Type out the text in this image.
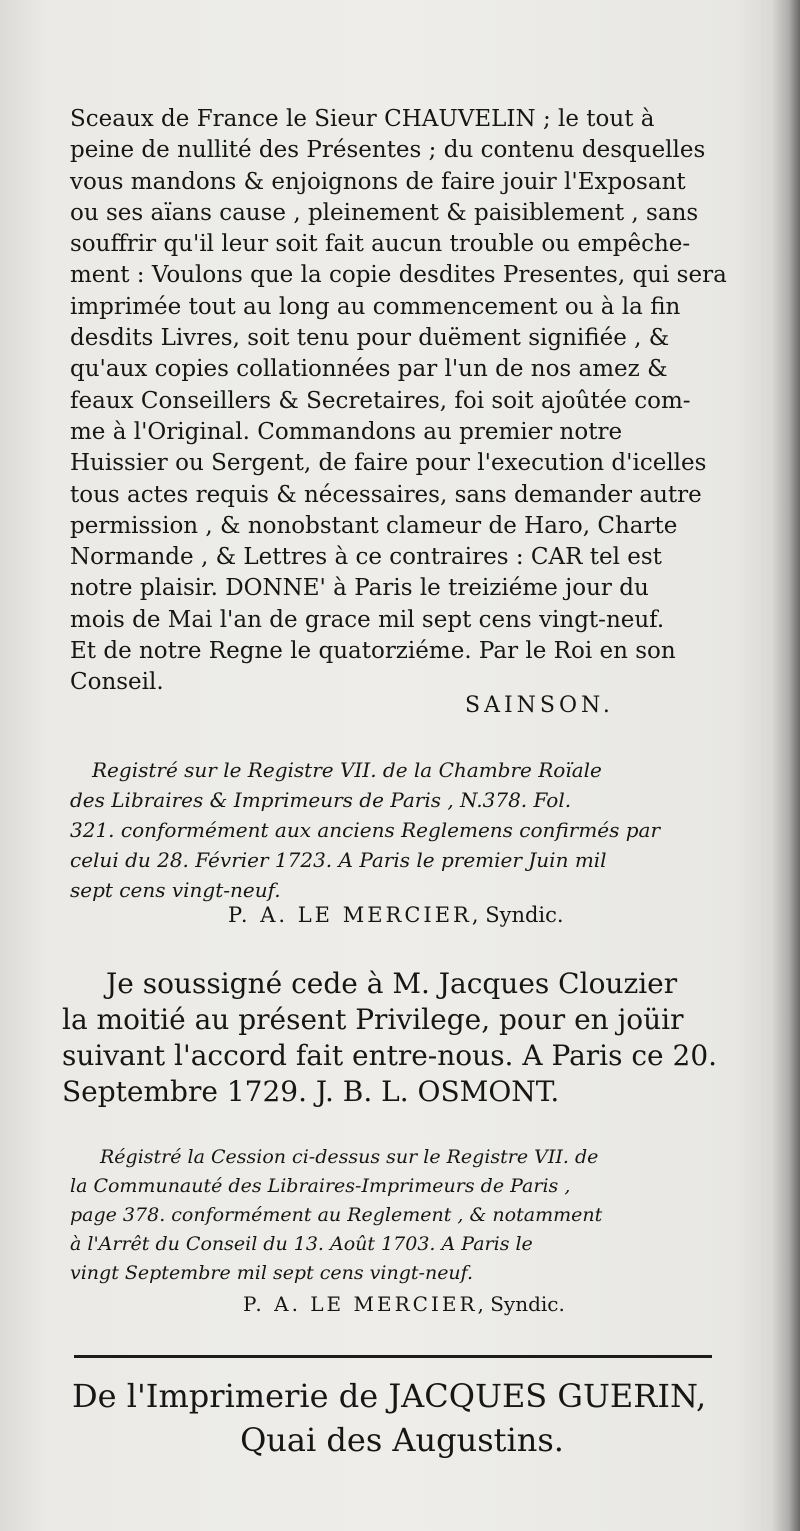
Sceaux de France le Sieur CHAUVELIN ; le tout à
peine de nullité des Présentes ; du contenu desquelles
vous mandons & enjoignons de faire jouir l'Exposant
ou ses aïans cause , pleinement & paisiblement , sans
souffrir qu'il leur soit fait aucun trouble ou empêche-
ment : Voulons que la copie desdites Presentes, qui sera
imprimée tout au long au commencement ou à la fin
desdits Livres, soit tenu pour duëment signifiée , &
qu'aux copies collationnées par l'un de nos amez &
feaux Conseillers & Secretaires, foi soit ajoûtée com-
me à l'Original. Commandons au premier notre
Huissier ou Sergent, de faire pour l'execution d'icelles
tous actes requis & nécessaires, sans demander autre
permission , & nonobstant clameur de Haro, Charte
Normande , & Lettres à ce contraires : CAR tel est
notre plaisir. DONNE' à Paris le treiziéme jour du
mois de Mai l'an de grace mil sept cens vingt-neuf.
Et de notre Regne le quatorziéme. Par le Roi en son
Conseil.
SAINSON.
Registré sur le Registre VII. de la Chambre Roïale
des Libraires & Imprimeurs de Paris , N.378. Fol.
321. conformément aux anciens Reglemens confirmés par
celui du 28. Février 1723. A Paris le premier Juin mil
sept cens vingt-neuf.
P. A. LE MERCIER, Syndic.
Je soussigné cede à M. Jacques Clouzier
la moitié au présent Privilege, pour en joüir
suivant l'accord fait entre-nous. A Paris ce 20.
Septembre 1729. J. B. L. OSMONT.
Régistré la Cession ci-dessus sur le Registre VII. de
la Communauté des Libraires-Imprimeurs de Paris ,
page 378. conformément au Reglement , & notamment
à l'Arrêt du Conseil du 13. Août 1703. A Paris le
vingt Septembre mil sept cens vingt-neuf.
P. A. LE MERCIER, Syndic.
De l'Imprimerie de JACQUES GUERIN,
Quai des Augustins.
